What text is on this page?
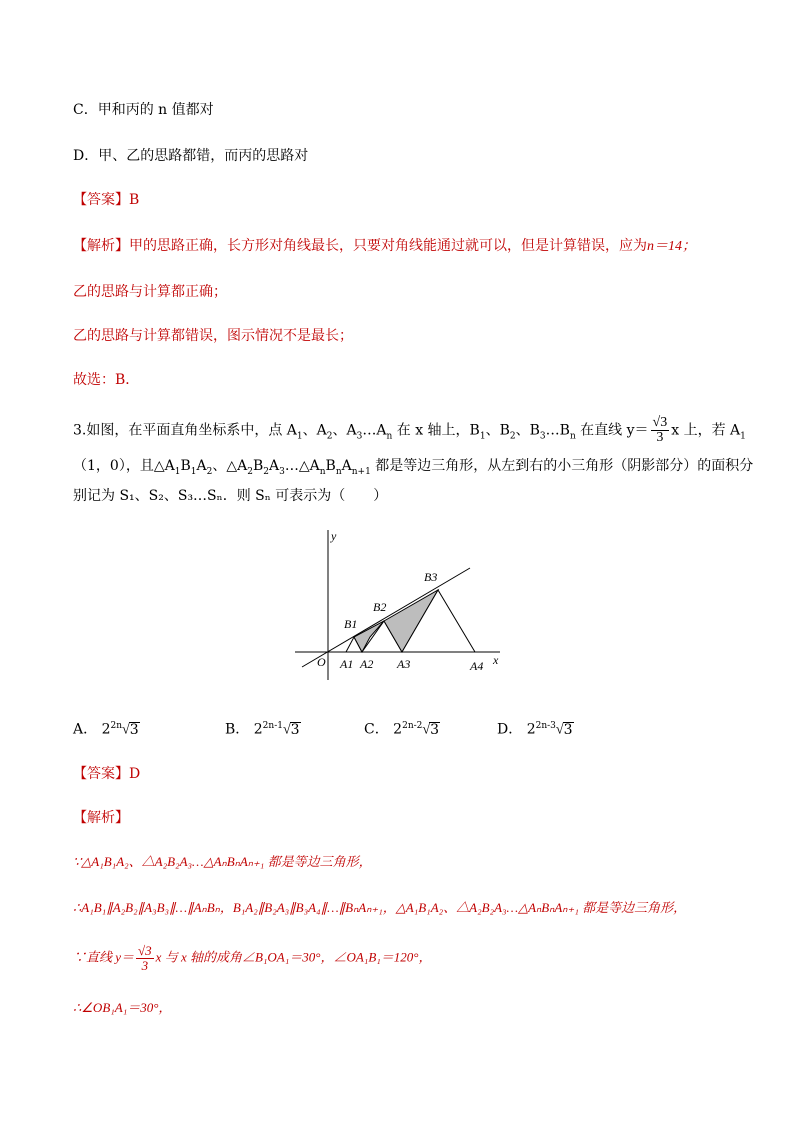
C．甲和丙的 n 值都对
D．甲、乙的思路都错，而丙的思路对
【答案】B
【解析】甲的思路正确，长方形对角线最长，只要对角线能通过就可以，但是计算错误，应为n＝14；
乙的思路与计算都正确；
乙的思路与计算都错误，图示情况不是最长；
故选：B．
3.如图，在平面直角坐标系中，点 $A_1$、$A_2$、$A_3\dots A_n$ 在 x 轴上，$B_1$、$B_2$、$B_3\dots B_n$ 在直线 $y= \frac{√3}{3}$ x 上，若 $A_1$
（1，0），且$\triangle A_1B_1A_2$、$\triangle A_2B_2A_3\dots\triangle A_nB_nA_{n+1}$ 都是等边三角形，从左到右的小三角形（阴影部分）的面积分
别记为 S₁、S₂、S₃…Sₙ．则 Sₙ 可表示为（　　）
y
x
O A1 A2 A3	A4
B1
B2
B3
A． $2^{2n}√3$	B． $2^{2n-1}√3$	C． $2^{2n-2}√3$	D． $2^{2n-3}√3$
【答案】D
【解析】
∵△A₁B₁A₂、△A₂B₂A₃…△AₙBₙAₙ₊₁ 都是等边三角形，
∴A₁B₁∥A₂B₂∥A₃B₃∥…∥AₙBₙ，B₁A₂∥B₂A₃∥B₃A₄∥…∥BₙAₙ₊₁，△A₁B₁A₂、△A₂B₂A₃…△AₙBₙAₙ₊₁ 都是等边三角形，
∵直线 $y= \frac{√3}{3}$ x 与 x 轴的成角∠B₁OA₁＝30°，∠OA₁B₁＝120°，
∴∠OB₁A₁＝30°，
